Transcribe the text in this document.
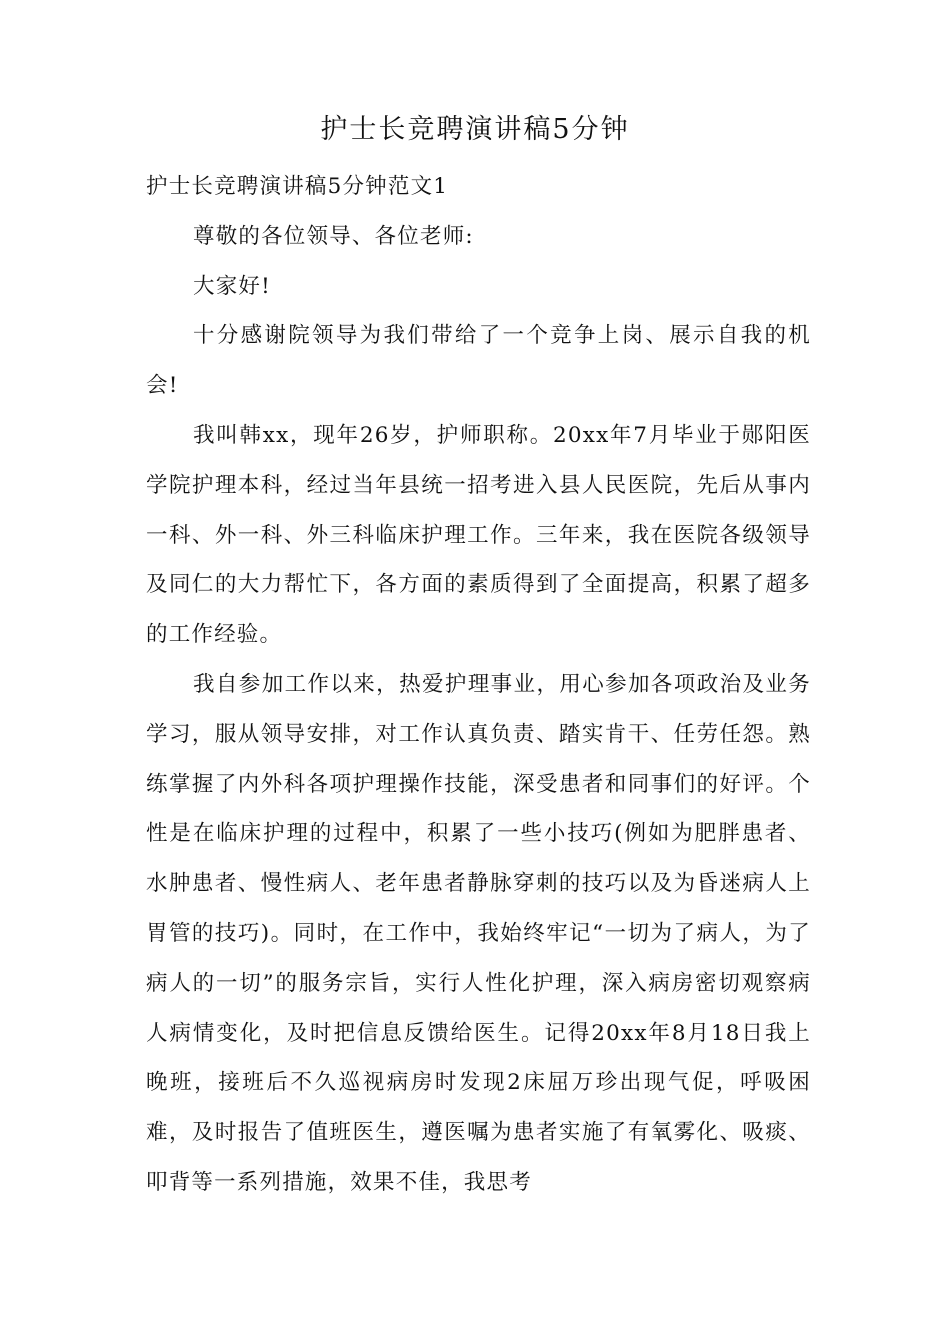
护士长竞聘演讲稿5分钟

护士长竞聘演讲稿5分钟范文1

尊敬的各位领导、各位老师:

大家好!

十分感谢院领导为我们带给了一个竞争上岗、展示自我的机会!

我叫韩xx，现年26岁，护师职称。20xx年7月毕业于郧阳医学院护理本科，经过当年县统一招考进入县人民医院，先后从事内一科、外一科、外三科临床护理工作。三年来，我在医院各级领导及同仁的大力帮忙下，各方面的素质得到了全面提高，积累了超多的工作经验。

我自参加工作以来，热爱护理事业，用心参加各项政治及业务学习，服从领导安排，对工作认真负责、踏实肯干、任劳任怨。熟练掌握了内外科各项护理操作技能，深受患者和同事们的好评。个性是在临床护理的过程中，积累了一些小技巧(例如为肥胖患者、水肿患者、慢性病人、老年患者静脉穿刺的技巧以及为昏迷病人上胃管的技巧)。同时，在工作中，我始终牢记“一切为了病人，为了病人的一切”的服务宗旨，实行人性化护理，深入病房密切观察病人病情变化，及时把信息反馈给医生。记得20xx年8月18日我上晚班，接班后不久巡视病房时发现2床屈万珍出现气促，呼吸困难，及时报告了值班医生，遵医嘱为患者实施了有氧雾化、吸痰、叩背等一系列措施，效果不佳，我思考
